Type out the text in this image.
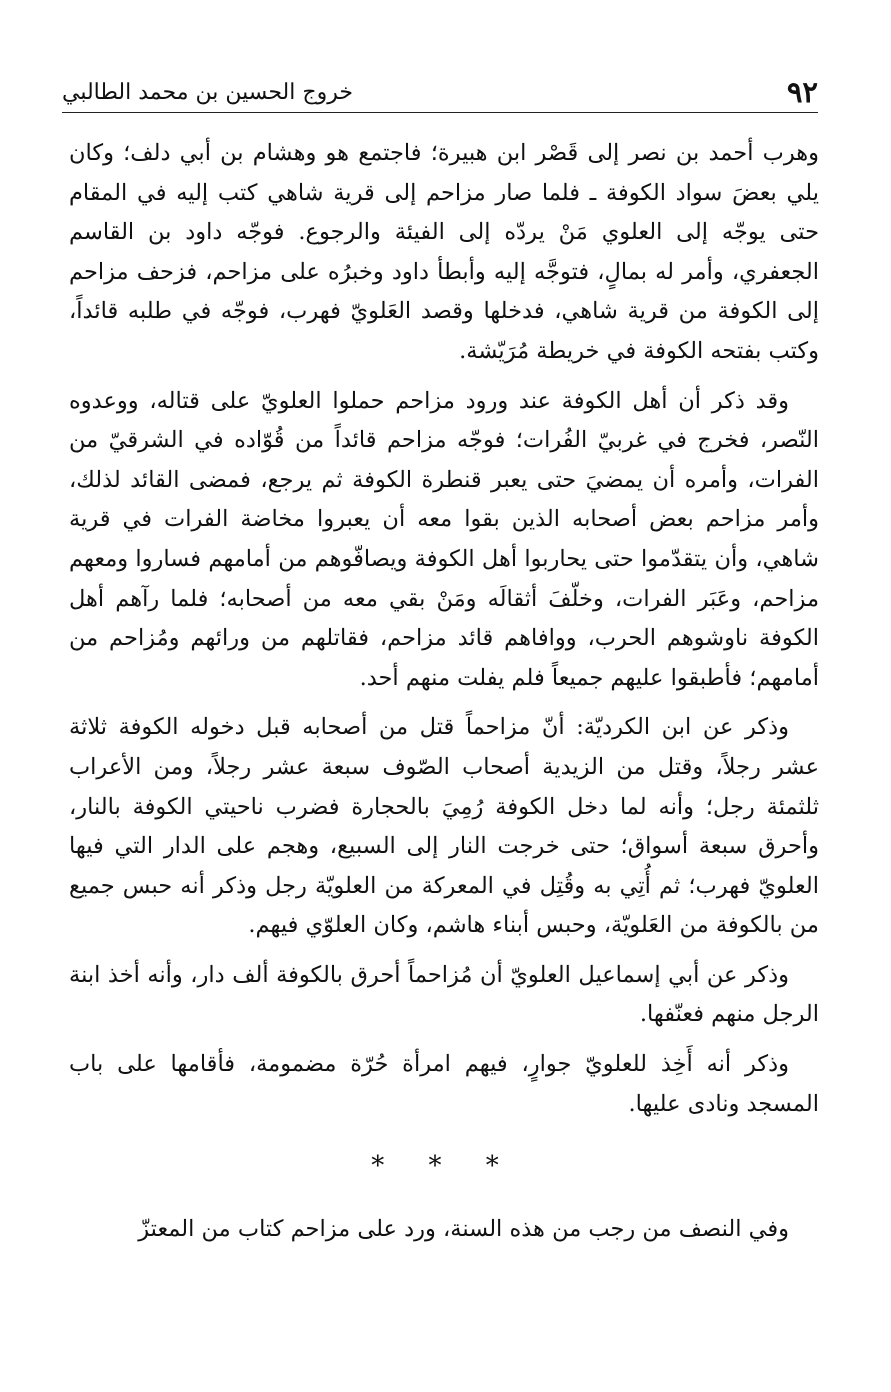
٩٢
خروج الحسين بن محمد الطالبي

وهرب أحمد بن نصر إلى قَصْر ابن هبيرة؛ فاجتمع هو وهشام بن أبي دلف؛ وكان يلي بعضَ سواد الكوفة ـ فلما صار مزاحم إلى قرية شاهي كتب إليه في المقام حتى يوجّه إلى العلوي مَنْ يردّه إلى الفيئة والرجوع. فوجّه داود بن القاسم الجعفري، وأمر له بمالٍ، فتوجَّه إليه وأبطأ داود وخبرُه على مزاحم، فزحف مزاحم إلى الكوفة من قرية شاهي، فدخلها وقصد العَلويّ فهرب، فوجّه في طلبه قائداً، وكتب بفتحه الكوفة في خريطة مُرَيّشة.

وقد ذكر أن أهل الكوفة عند ورود مزاحم حملوا العلويّ على قتاله، ووعدوه النّصر، فخرج في غربيّ الفُرات؛ فوجّه مزاحم قائداً من قُوّاده في الشرقيّ من الفرات، وأمره أن يمضيَ حتى يعبر قنطرة الكوفة ثم يرجع، فمضى القائد لذلك، وأمر مزاحم بعض أصحابه الذين بقوا معه أن يعبروا مخاضة الفرات في قرية شاهي، وأن يتقدّموا حتى يحاربوا أهل الكوفة ويصافّوهم من أمامهم فساروا ومعهم مزاحم، وعَبَر الفرات، وخلّفَ أثقالَه ومَنْ بقي معه من أصحابه؛ فلما رآهم أهل الكوفة ناوشوهم الحرب، ووافاهم قائد مزاحم، فقاتلهم من ورائهم ومُزاحم من أمامهم؛ فأطبقوا عليهم جميعاً فلم يفلت منهم أحد.

وذكر عن ابن الكرديّة: أنّ مزاحماً قتل من أصحابه قبل دخوله الكوفة ثلاثة عشر رجلاً، وقتل من الزيدية أصحاب الصّوف سبعة عشر رجلاً، ومن الأعراب ثلثمئة رجل؛ وأنه لما دخل الكوفة رُمِيَ بالحجارة فضرب ناحيتي الكوفة بالنار، وأحرق سبعة أسواق؛ حتى خرجت النار إلى السبيع، وهجم على الدار التي فيها العلويّ فهرب؛ ثم أُتِي به وقُتِل في المعركة من العلويّة رجل وذكر أنه حبس جميع من بالكوفة من العَلويّة، وحبس أبناء هاشم، وكان العلوّي فيهم.

وذكر عن أبي إسماعيل العلويّ أن مُزاحماً أحرق بالكوفة ألف دار، وأنه أخذ ابنة الرجل منهم فعنّفها.

وذكر أنه أَخِذ للعلويّ جوارٍ، فيهم امرأة حُرّة مضمومة، فأقامها على باب المسجد ونادى عليها.

* * *

وفي النصف من رجب من هذه السنة، ورد على مزاحم كتاب من المعتزّ
